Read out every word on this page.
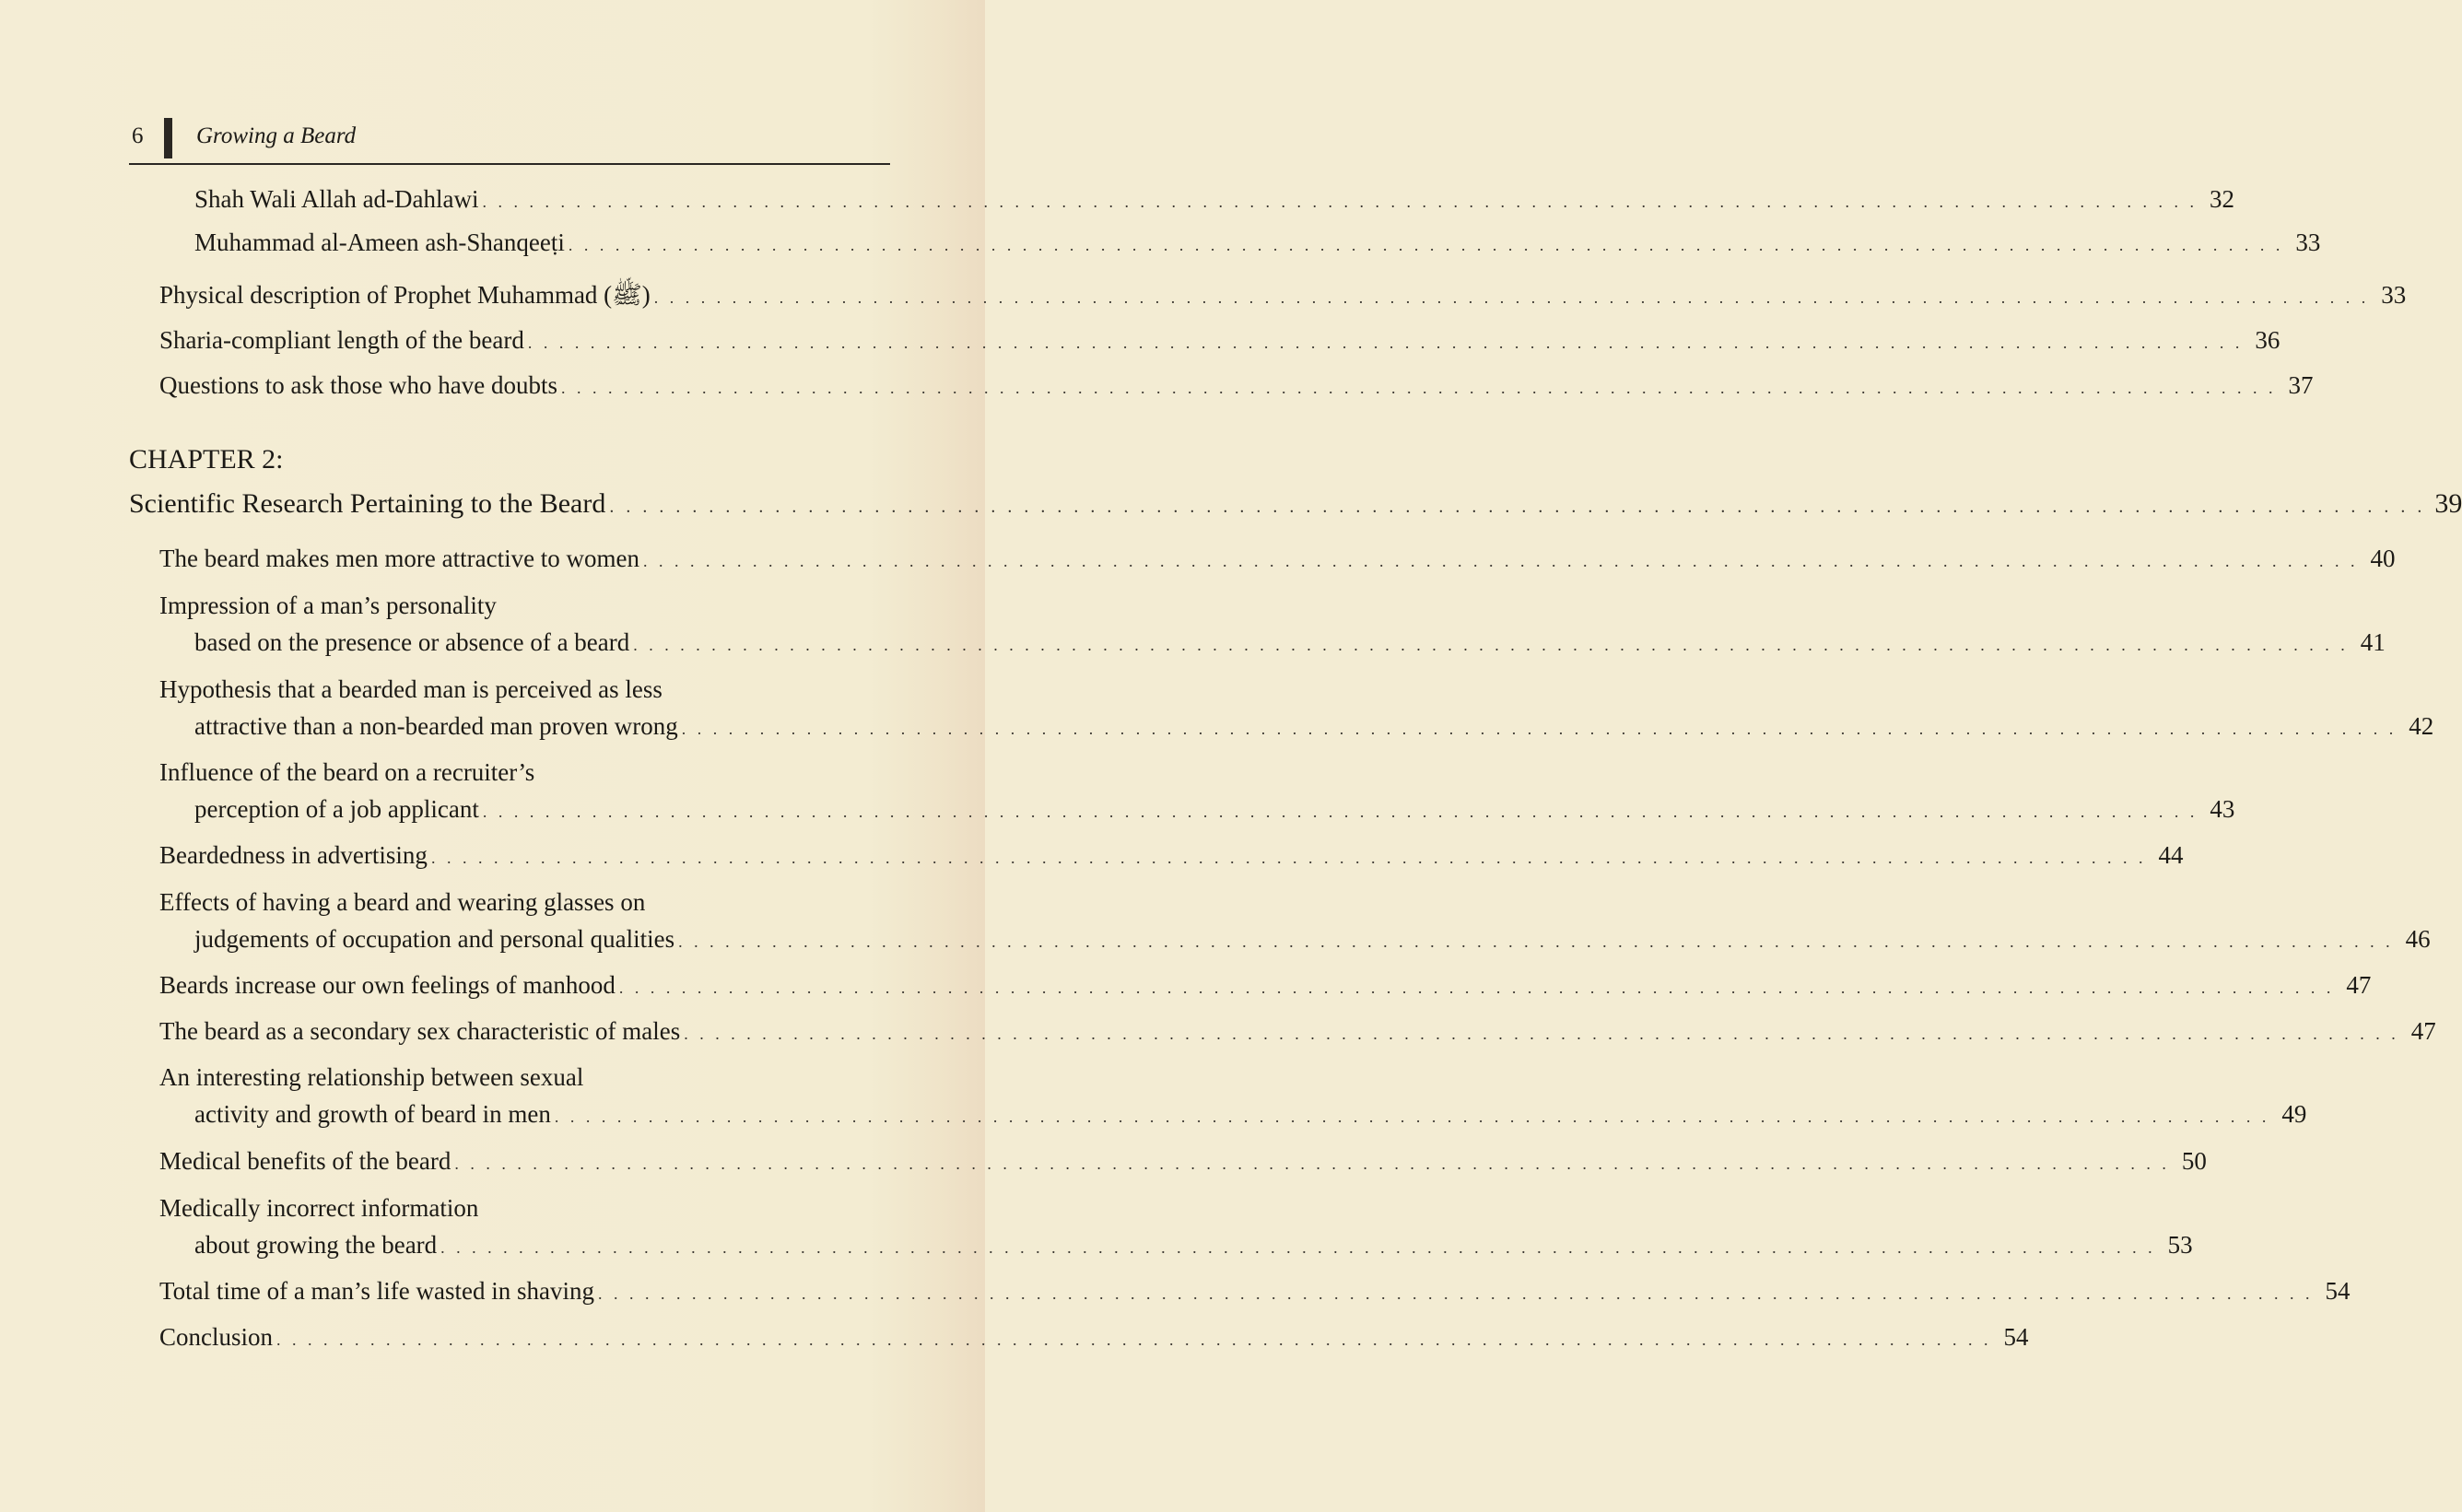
6 Growing a Beard
Shah Wali Allah ad-Dahlawi . . . . . . . . . . . . . . . . . . . . . . . . . . . . . . . . . . . . . . . . . . . . . . . . . . . . . . . . . . . . . . . . . . . . . . . . . . . . . . . . . . . . . . . . . . . . . . . . . . . . . . . . . . . . . . 32
Muhammad al-Ameen ash-Shanqeeṭi . . . . . . . . . . . . . . . . . . . . . . . . . . . . . . . . . . . . . . . . . . . . . . . . . . . . . . . . . . . . . . . . . . . . . . . . . . . . . . . . . . . . . . . . . . . . . . . . . . . . . . . . . . . . . . 33
Physical description of Prophet Muhammad (ﷺ) . . . . . . . . . . . . . . . . . . . . . . . . . . . . . . . . . . . . . . . . . . . . . . . . . . . . . . . . . . . . . . . . . . . . . . . . . . . . . . . . . . . . . . . . . . . . . . . . . . . . . . . . . . . . . . 33
Sharia-compliant length of the beard . . . . . . . . . . . . . . . . . . . . . . . . . . . . . . . . . . . . . . . . . . . . . . . . . . . . . . . . . . . . . . . . . . . . . . . . . . . . . . . . . . . . . . . . . . . . . . . . . . . . . . . . . . . . . . 36
Questions to ask those who have doubts . . . . . . . . . . . . . . . . . . . . . . . . . . . . . . . . . . . . . . . . . . . . . . . . . . . . . . . . . . . . . . . . . . . . . . . . . . . . . . . . . . . . . . . . . . . . . . . . . . . . . . . . . . . . . . 37
CHAPTER 2:
Scientific Research Pertaining to the Beard . . . . . . . . . . . . . . . . . . . . . . . . . . . . . . . . . . . . . . . . . . . . . . . . . . . . . . . . . . . . . . . . . . . . . . . . . . . . . . . . . . . . . . . . . . . . . . . . . . . . . . . . . . . . . . 39
The beard makes men more attractive to women . . . . . . . . . . . . . . . . . . . . . . . . . . . . . . . . . . . . . . . . . . . . . . . . . . . . . . . . . . . . . . . . . . . . . . . . . . . . . . . . . . . . . . . . . . . . . . . . . . . . . . . . . . . . . . 40
Impression of a man’s personality
based on the presence or absence of a beard . . . . . . . . . . . . . . . . . . . . . . . . . . . . . . . . . . . . . . . . . . . . . . . . . . . . . . . . . . . . . . . . . . . . . . . . . . . . . . . . . . . . . . . . . . . . . . . . . . . . . . . . . . . . . . 41
Hypothesis that a bearded man is perceived as less
attractive than a non-bearded man proven wrong . . . . . . . . . . . . . . . . . . . . . . . . . . . . . . . . . . . . . . . . . . . . . . . . . . . . . . . . . . . . . . . . . . . . . . . . . . . . . . . . . . . . . . . . . . . . . . . . . . . . . . . . . . . . . . 42
Influence of the beard on a recruiter’s
perception of a job applicant . . . . . . . . . . . . . . . . . . . . . . . . . . . . . . . . . . . . . . . . . . . . . . . . . . . . . . . . . . . . . . . . . . . . . . . . . . . . . . . . . . . . . . . . . . . . . . . . . . . . . . . . . . . . . . 43
Beardedness in advertising . . . . . . . . . . . . . . . . . . . . . . . . . . . . . . . . . . . . . . . . . . . . . . . . . . . . . . . . . . . . . . . . . . . . . . . . . . . . . . . . . . . . . . . . . . . . . . . . . . . . . . . . . . . . . . 44
Effects of having a beard and wearing glasses on
judgements of occupation and personal qualities . . . . . . . . . . . . . . . . . . . . . . . . . . . . . . . . . . . . . . . . . . . . . . . . . . . . . . . . . . . . . . . . . . . . . . . . . . . . . . . . . . . . . . . . . . . . . . . . . . . . . . . . . . . . . . 46
Beards increase our own feelings of manhood . . . . . . . . . . . . . . . . . . . . . . . . . . . . . . . . . . . . . . . . . . . . . . . . . . . . . . . . . . . . . . . . . . . . . . . . . . . . . . . . . . . . . . . . . . . . . . . . . . . . . . . . . . . . . . 47
The beard as a secondary sex characteristic of males . . . . . . . . . . . . . . . . . . . . . . . . . . . . . . . . . . . . . . . . . . . . . . . . . . . . . . . . . . . . . . . . . . . . . . . . . . . . . . . . . . . . . . . . . . . . . . . . . . . . . . . . . . . . . . 47
An interesting relationship between sexual
activity and growth of beard in men . . . . . . . . . . . . . . . . . . . . . . . . . . . . . . . . . . . . . . . . . . . . . . . . . . . . . . . . . . . . . . . . . . . . . . . . . . . . . . . . . . . . . . . . . . . . . . . . . . . . . . . . . . . . . . 49
Medical benefits of the beard . . . . . . . . . . . . . . . . . . . . . . . . . . . . . . . . . . . . . . . . . . . . . . . . . . . . . . . . . . . . . . . . . . . . . . . . . . . . . . . . . . . . . . . . . . . . . . . . . . . . . . . . . . . . . . 50
Medically incorrect information
about growing the beard . . . . . . . . . . . . . . . . . . . . . . . . . . . . . . . . . . . . . . . . . . . . . . . . . . . . . . . . . . . . . . . . . . . . . . . . . . . . . . . . . . . . . . . . . . . . . . . . . . . . . . . . . . . . . . 53
Total time of a man’s life wasted in shaving . . . . . . . . . . . . . . . . . . . . . . . . . . . . . . . . . . . . . . . . . . . . . . . . . . . . . . . . . . . . . . . . . . . . . . . . . . . . . . . . . . . . . . . . . . . . . . . . . . . . . . . . . . . . . . 54
Conclusion . . . . . . . . . . . . . . . . . . . . . . . . . . . . . . . . . . . . . . . . . . . . . . . . . . . . . . . . . . . . . . . . . . . . . . . . . . . . . . . . . . . . . . . . . . . . . . . . . . . . . . . . . . . . . . 54
